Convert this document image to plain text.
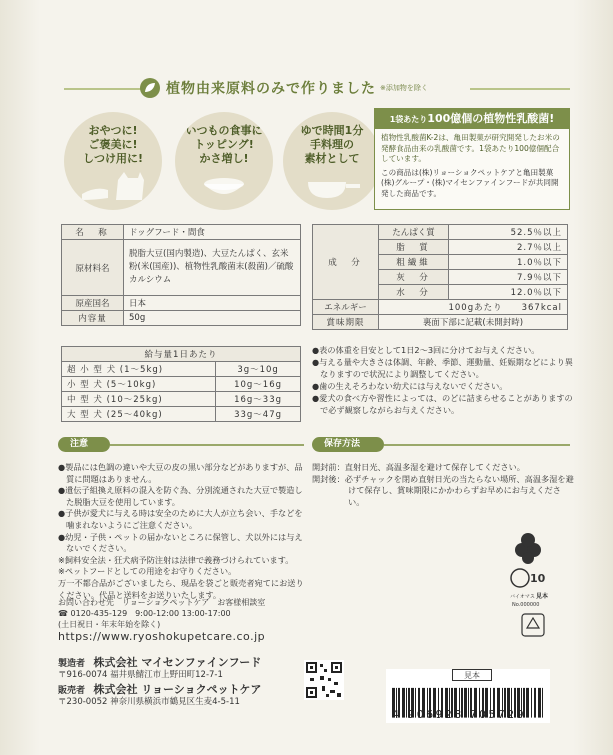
植物由来原料のみで作りました ※添加物を除く
おやつに!
ご褒美に!
しつけ用に!
いつもの食事に
トッピング!
かさ増し!
ゆで時間1分
手料理の
素材として
1袋あたり100億個の植物性乳酸菌!
植物性乳酸菌K-2は、亀田製菓が研究開発したお米の発酵食品由来の乳酸菌です。1袋あたり100億個配合しています。
この商品は(株)リョーショクペットケアと亀田製菓(株)グループ・(株)マイセンファインフードが共同開発した商品です。
名　称	ドッグフード・間食
原材料名	脱脂大豆(国内製造)、大豆たんぱく、玄米粉(米(国産))、植物性乳酸菌末(殺菌)／硫酸カルシウム
原産国名	日本
内容量	50g
成　分	たんぱく質	52.5％以上
	脂　質	2.7％以上
	粗繊維	1.0％以下
	灰　分	7.9％以下
	水　分	12.0％以下
エネルギー	100gあたり　　367kcal	
賞味期限	裏面下部に記載(未開封時)	
給与量1日あたり	
超 小 型 犬 (1〜5kg)	3g〜10g
小 型 犬 (5〜10kg)	10g〜16g
中 型 犬 (10〜25kg)	16g〜33g
大 型 犬 (25〜40kg)	33g〜47g
●表の体重を目安として1日2〜3回に分けてお与えください。
●与える量や大きさは体調、年齢、季節、運動量、妊娠期などにより異なりますので状況により調整してください。
●歯の生えそろわない幼犬には与えないでください。
●愛犬の食べ方や習性によっては、のどに詰まらせることがありますので必ず観察しながらお与えください。
注意	保存方法

●製品には色調の違いや大豆の皮の黒い部分などがありますが、品質に問題はありません。

●遺伝子組換え原料の混入を防ぐ為、分別流通された大豆で製造した脱脂大豆を使用しています。

●子供が愛犬に与える時は安全のために大人が立ち会い、手などを噛まれないようにご注意ください。

●幼児・子供・ペットの届かないところに保管し、犬以外には与えないでください。

※飼料安全法・狂犬病予防注射は法律で義務づけられています。

※ペットフードとしての用途をお守りください。

万一不都合品がございましたら、現品を袋ごと販売者宛てにお送りください。代品と送料をお送りいたします。

開封前：直射日光、高温多湿を避けて保存してください。

開封後：必ずチャックを閉め直射日光の当たらない場所、高温多湿を避けて保存し、賞味期限にかかわらずお早めにお与えください。

10
バイオマス 見本
No.000000
お問い合わせ先　リョーショクペットケア　お客様相談室
☎ 0120-435-129　9:00-12:00 13:00-17:00
(土日祝日・年末年始を除く)
https://www.ryoshokupetcare.co.jp
製造者　 株式会社 マイセンファインフード
〒916-0074 福井県鯖江市上野田町12-7-1
販売者　 株式会社 リョーショクペットケア
〒230-0052 神奈川県横浜市鶴見区生麦4-5-11
見本
4 906928 705729
